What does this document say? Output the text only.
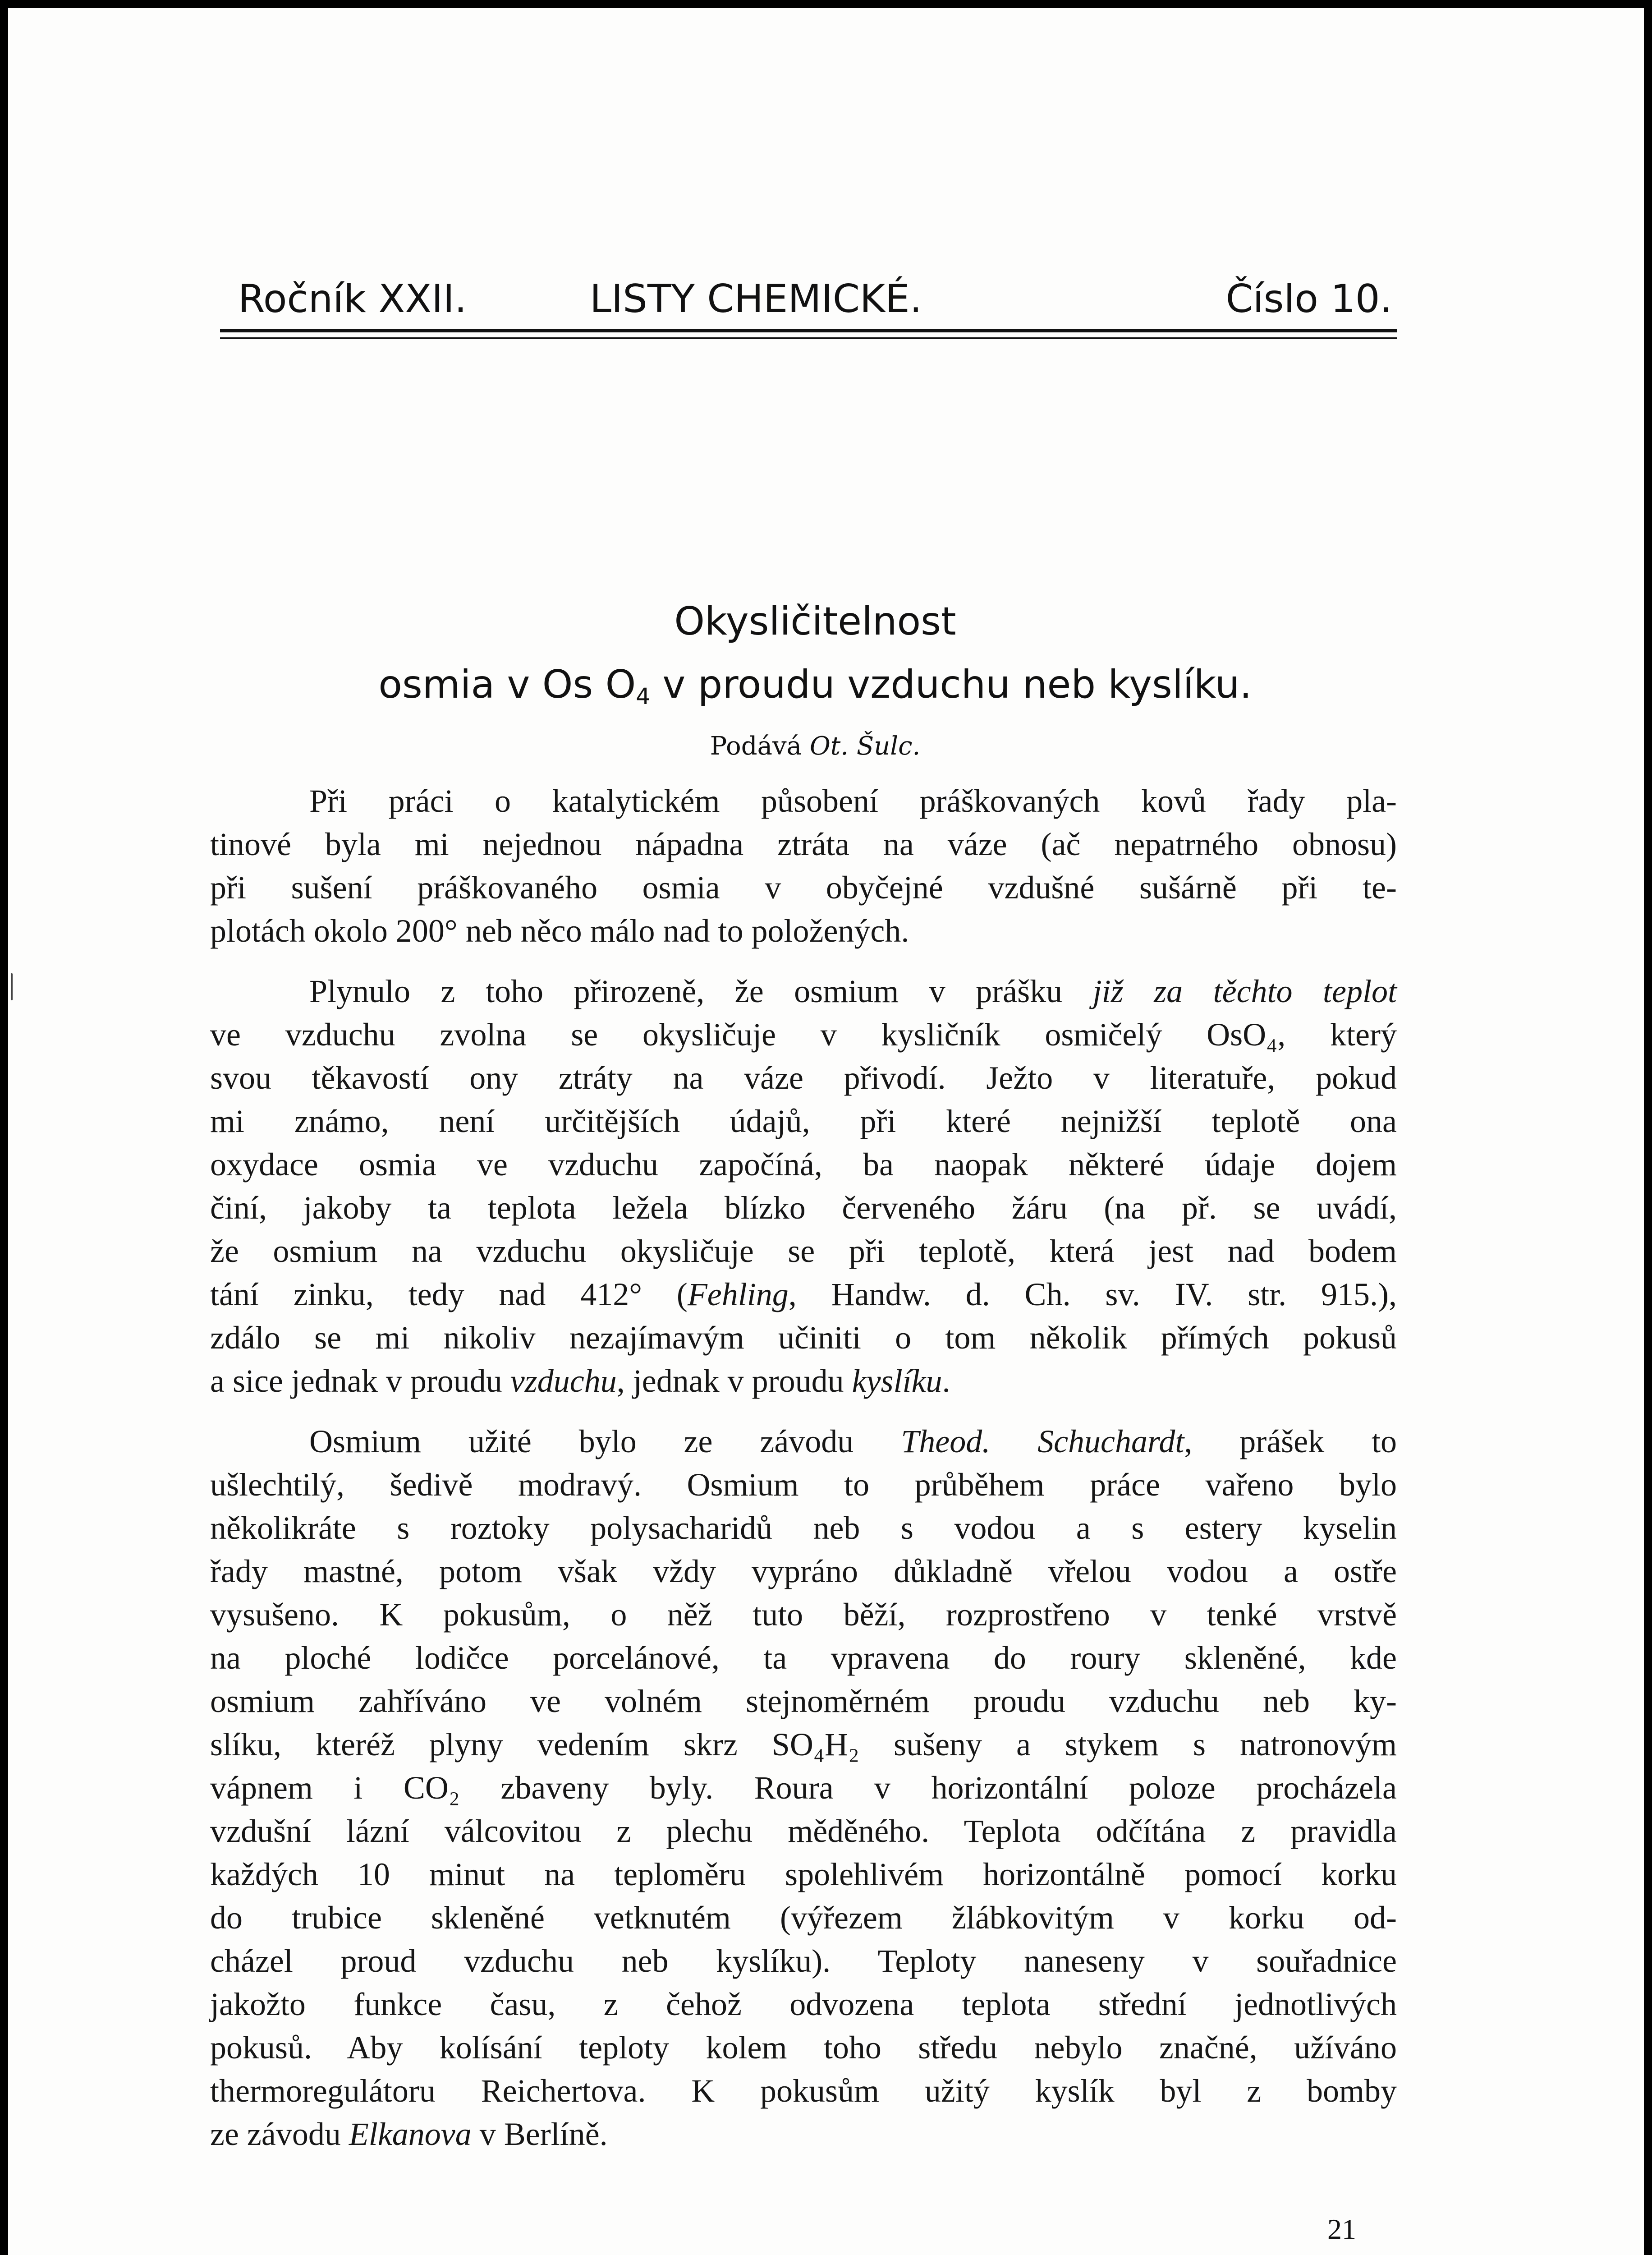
Ročník XXII.	LISTY CHEMICKÉ.	Číslo 10.
Okysličitelnost
osmia v Os $O_4$ v proudu vzduchu neb kyslíku.
Podává Ot. Šulc.
Při práci o katalytickém působení práškovaných kovů řady pla-
tinové byla mi nejednou nápadna ztráta na váze (ač nepatrného obnosu)
při sušení práškovaného osmia v obyčejné vzdušné sušárně při te-
plotách okolo 200° neb něco málo nad to položených.
Plynulo z toho přirozeně, že osmium v prášku již za těchto teplot
ve vzduchu zvolna se okysličuje v kysličník osmičelý OsO₄, který
svou těkavostí ony ztráty na váze přivodí. Ježto v literatuře, pokud
mi známo, není určitějších údajů, při které nejnižší teplotě ona
oxydace osmia ve vzduchu započíná, ba naopak některé údaje dojem
činí, jakoby ta teplota ležela blízko červeného žáru (na př. se uvádí,
že osmium na vzduchu okysličuje se při teplotě, která jest nad bodem
tání zinku, tedy nad 412° (Fehling, Handw. d. Ch. sv. IV. str. 915.),
zdálo se mi nikoliv nezajímavým učiniti o tom několik přímých pokusů
a sice jednak v proudu vzduchu, jednak v proudu kyslíku.
Osmium užité bylo ze závodu Theod. Schuchardt, prášek to
ušlechtilý, šedivě modravý. Osmium to průběhem práce vařeno bylo
několikráte s roztoky polysacharidů neb s vodou a s estery kyselin
řady mastné, potom však vždy vypráno důkladně vřelou vodou a ostře
vysušeno. K pokusům, o něž tuto běží, rozprostřeno v tenké vrstvě
na ploché lodičce porcelánové, ta vpravena do roury skleněné, kde
osmium zahříváno ve volném stejnoměrném proudu vzduchu neb ky-
slíku, kteréž plyny vedením skrz SO₄H₂ sušeny a stykem s natronovým
vápnem i CO₂ zbaveny byly. Roura v horizontální poloze procházela
vzdušní lázní válcovitou z plechu měděného. Teplota odčítána z pravidla
každých 10 minut na teploměru spolehlivém horizontálně pomocí korku
do trubice skleněné vetknutém (výřezem žlábkovitým v korku od-
cházel proud vzduchu neb kyslíku). Teploty naneseny v souřadnice
jakožto funkce času, z čehož odvozena teplota střední jednotlivých
pokusů. Aby kolísání teploty kolem toho středu nebylo značné, užíváno
thermoregulátoru Reichertova. K pokusům užitý kyslík byl z bomby
ze závodu Elkanova v Berlíně.
21
